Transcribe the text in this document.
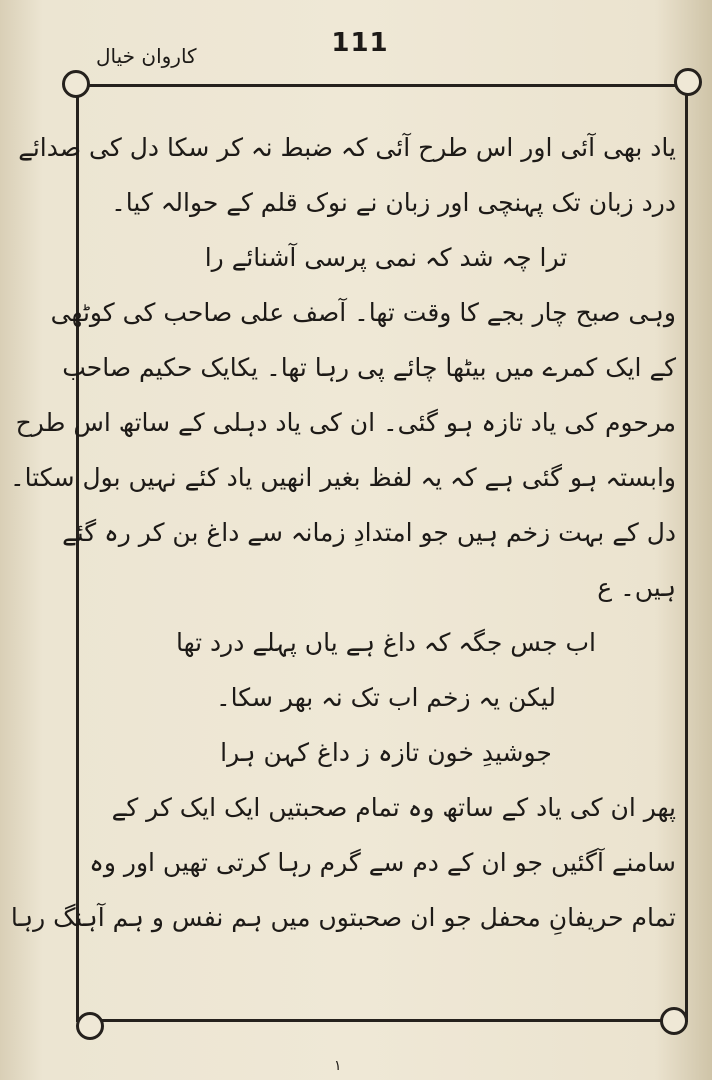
111
کاروان خیال
یاد بھی آئی اور اس طرح آئی کہ ضبط نہ کر سکا دل کی صدائے
درد زبان تک پہنچی اور زبان نے نوک قلم کے حوالہ کیا۔
ترا چہ شد کہ نمی پرسی آشنائے را
وہی صبح چار بجے کا وقت تھا۔ آصف علی صاحب کی کوٹھی
کے ایک کمرے میں بیٹھا چائے پی رہا تھا۔ یکایک حکیم صاحب
مرحوم کی یاد تازہ ہو گئی۔ ان کی یاد دہلی کے ساتھ اس طرح
وابستہ ہو گئی ہے کہ یہ لفظ بغیر انھیں یاد کئے نہیں بول سکتا۔
دل کے بہت زخم ہیں جو امتدادِ زمانہ سے داغ بن کر رہ گئے
ہیں۔ ع
اب جس جگہ کہ داغ ہے یاں پہلے درد تھا
لیکن یہ زخم اب تک نہ بھر سکا۔
جوشیدِ خون تازہ ز داغ کہن ہرا
پھر ان کی یاد کے ساتھ وہ تمام صحبتیں ایک ایک کر کے
سامنے آگئیں جو ان کے دم سے گرم رہا کرتی تھیں اور وہ
تمام حریفانِ محفل جو ان صحبتوں میں ہم نفس و ہم آہنگ رہا
۱
